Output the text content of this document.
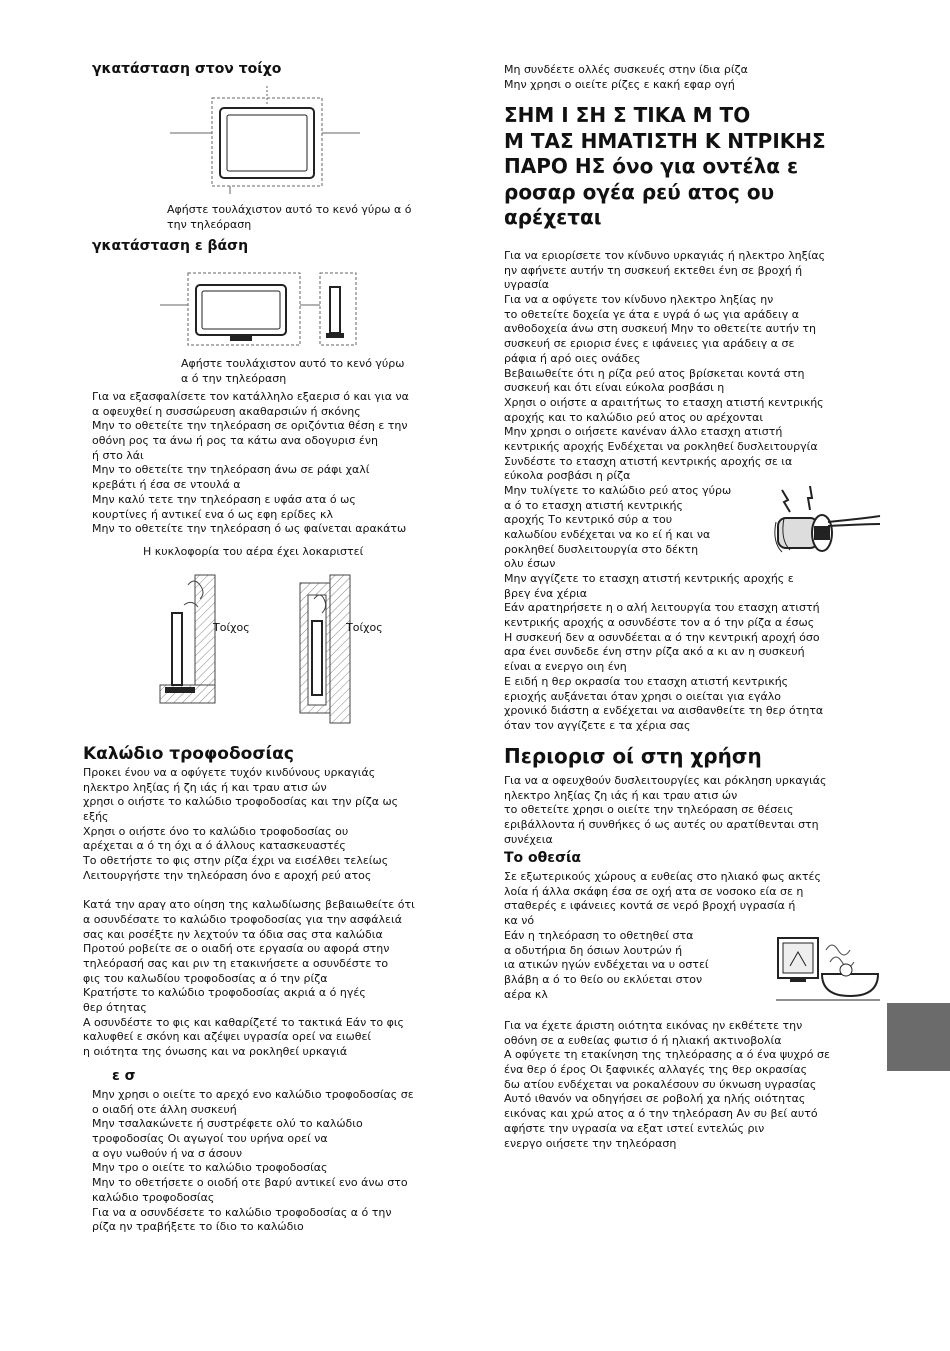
γκατάσταση στον τοίχο
Αφήστε τουλάχιστον αυτό το κενό γύρω α ό
την τηλεόραση
γκατάσταση ε βάση
Αφήστε τουλάχιστον αυτό το κενό γύρω
α ό την τηλεόραση
Για να εξασφαλίσετε τον κατάλληλο εξαερισ ό και για να
α οφευχθεί η συσσώρευση ακαθαρσιών ή σκόνης
Μην το οθετείτε την τηλεόραση σε οριζόντια θέση ε την
οθόνη ρος τα άνω ή ρος τα κάτω ανα οδογυρισ ένη
ή στο λάι
Μην το οθετείτε την τηλεόραση άνω σε ράφι χαλί
κρεβάτι ή έσα σε ντουλά α
Μην καλύ τετε την τηλεόραση ε υφάσ ατα ό ως
κουρτίνες ή αντικεί ενα ό ως εφη ερίδες κλ
Μην το οθετείτε την τηλεόραση ό ως φαίνεται αρακάτω
Η κυκλοφορία του αέρα έχει λοκαριστεί
Τοίχος	Τοίχος
Καλώδιο τροφοδοσίας
Προκει ένου να α οφύγετε τυχόν κινδύνους υρκαγιάς
ηλεκτρο ληξίας ή ζη ιάς ή και τραυ ατισ ών
χρησι ο οιήστε το καλώδιο τροφοδοσίας και την ρίζα ως
εξής
Χρησι ο οιήστε όνο το καλώδιο τροφοδοσίας ου
αρέχεται α ό τη όχι α ό άλλους κατασκευαστές
Το οθετήστε το φις στην ρίζα έχρι να εισέλθει τελείως
Λειτουργήστε την τηλεόραση όνο ε αροχή ρεύ ατος
Κατά την αραγ ατο οίηση της καλωδίωσης βεβαιωθείτε ότι
α οσυνδέσατε το καλώδιο τροφοδοσίας για την ασφάλειά
σας και ροσέξτε ην λεχτούν τα όδια σας στα καλώδια
Προτού ροβείτε σε ο οιαδή οτε εργασία ου αφορά στην
τηλεόρασή σας και ριν τη ετακινήσετε α οσυνδέστε το
φις του καλωδίου τροφοδοσίας α ό την ρίζα
Κρατήστε το καλώδιο τροφοδοσίας ακριά α ό ηγές
θερ ότητας
Α οσυνδέστε το φις και καθαρίζετέ το τακτικά Εάν το φις
καλυφθεί ε σκόνη και αζέψει υγρασία ορεί να ειωθεί
η οιότητα της όνωσης και να ροκληθεί υρκαγιά
ε σ
Μην χρησι ο οιείτε το αρεχό ενο καλώδιο τροφοδοσίας σε
ο οιαδή οτε άλλη συσκευή
Μην τσαλακώνετε ή συστρέφετε ολύ το καλώδιο
τροφοδοσίας Οι αγωγοί του υρήνα ορεί να
α ογυ νωθούν ή να σ άσουν
Μην τρο ο οιείτε το καλώδιο τροφοδοσίας
Μην το οθετήσετε ο οιοδή οτε βαρύ αντικεί ενο άνω στο
καλώδιο τροφοδοσίας
Για να α οσυνδέσετε το καλώδιο τροφοδοσίας α ό την
ρίζα ην τραβήξετε το ίδιο το καλώδιο
Μη συνδέετε ολλές συσκευές στην ίδια ρίζα
Μην χρησι ο οιείτε ρίζες ε κακή εφαρ ογή
ΣΗΜ Ι ΣΗ Σ ΤΙΚΑ Μ ΤΟ
Μ ΤΑΣ ΗΜΑΤΙΣΤΗ Κ ΝΤΡΙΚΗΣ
ΠΑΡΟ ΗΣ όνο για οντέλα ε
ροσαρ ογέα ρεύ ατος ου
αρέχεται
Για να εριορίσετε τον κίνδυνο υρκαγιάς ή ηλεκτρο ληξίας
ην αφήνετε αυτήν τη συσκευή εκτεθει ένη σε βροχή ή
υγρασία
Για να α οφύγετε τον κίνδυνο ηλεκτρο ληξίας ην
το οθετείτε δοχεία γε άτα ε υγρά ό ως για αράδειγ α
ανθοδοχεία άνω στη συσκευή Μην το οθετείτε αυτήν τη
συσκευή σε εριορισ ένες ε ιφάνειες για αράδειγ α σε
ράφια ή αρό οιες ονάδες
Βεβαιωθείτε ότι η ρίζα ρεύ ατος βρίσκεται κοντά στη
συσκευή και ότι είναι εύκολα ροσβάσι η
Χρησι ο οιήστε α αραιτήτως το ετασχη ατιστή κεντρικής
αροχής και το καλώδιο ρεύ ατος ου αρέχονται
Μην χρησι ο οιήσετε κανέναν άλλο ετασχη ατιστή
κεντρικής αροχής Ενδέχεται να ροκληθεί δυσλειτουργία
Συνδέστε το ετασχη ατιστή κεντρικής αροχής σε ια
εύκολα ροσβάσι η ρίζα
Μην τυλίγετε το καλώδιο ρεύ ατος γύρω
α ό το ετασχη ατιστή κεντρικής
αροχής Το κεντρικό σύρ α του
καλωδίου ενδέχεται να κο εί ή και να
ροκληθεί δυσλειτουργία στο δέκτη
ολυ έσων
Μην αγγίζετε το ετασχη ατιστή κεντρικής αροχής ε
βρεγ ένα χέρια
Εάν αρατηρήσετε η ο αλή λειτουργία του ετασχη ατιστή
κεντρικής αροχής α οσυνδέστε τον α ό την ρίζα α έσως
Η συσκευή δεν α οσυνδέεται α ό την κεντρική αροχή όσο
αρα ένει συνδεδε ένη στην ρίζα ακό α κι αν η συσκευή
είναι α ενεργο οιη ένη
Ε ειδή η θερ οκρασία του ετασχη ατιστή κεντρικής
εριοχής αυξάνεται όταν χρησι ο οιείται για εγάλο
χρονικό διάστη α ενδέχεται να αισθανθείτε τη θερ ότητα
όταν τον αγγίζετε ε τα χέρια σας
Περιορισ οί στη χρήση
Για να α οφευχθούν δυσλειτουργίες και ρόκληση υρκαγιάς
ηλεκτρο ληξίας ζη ιάς ή και τραυ ατισ ών
το οθετείτε χρησι ο οιείτε την τηλεόραση σε θέσεις
εριβάλλοντα ή συνθήκες ό ως αυτές ου αρατίθενται στη
συνέχεια
Το οθεσία
Σε εξωτερικούς χώρους α ευθείας στο ηλιακό φως ακτές
λοία ή άλλα σκάφη έσα σε οχή ατα σε νοσοκο εία σε η
σταθερές ε ιφάνειες κοντά σε νερό βροχή υγρασία ή
κα νό
Εάν η τηλεόραση το οθετηθεί στα
α οδυτήρια δη όσιων λουτρών ή
ια ατικών ηγών ενδέχεται να υ οστεί
βλάβη α ό το θείο ου εκλύεται στον
αέρα κλ
Για να έχετε άριστη οιότητα εικόνας ην εκθέτετε την
οθόνη σε α ευθείας φωτισ ό ή ηλιακή ακτινοβολία
Α οφύγετε τη ετακίνηση της τηλεόρασης α ό ένα ψυχρό σε
ένα θερ ό έρος Οι ξαφνικές αλλαγές της θερ οκρασίας
δω ατίου ενδέχεται να ροκαλέσουν συ ύκνωση υγρασίας
Αυτό ιθανόν να οδηγήσει σε ροβολή χα ηλής οιότητας
εικόνας και χρώ ατος α ό την τηλεόραση Αν συ βεί αυτό
αφήστε την υγρασία να εξατ ιστεί εντελώς ριν
ενεργο οιήσετε την τηλεόραση
